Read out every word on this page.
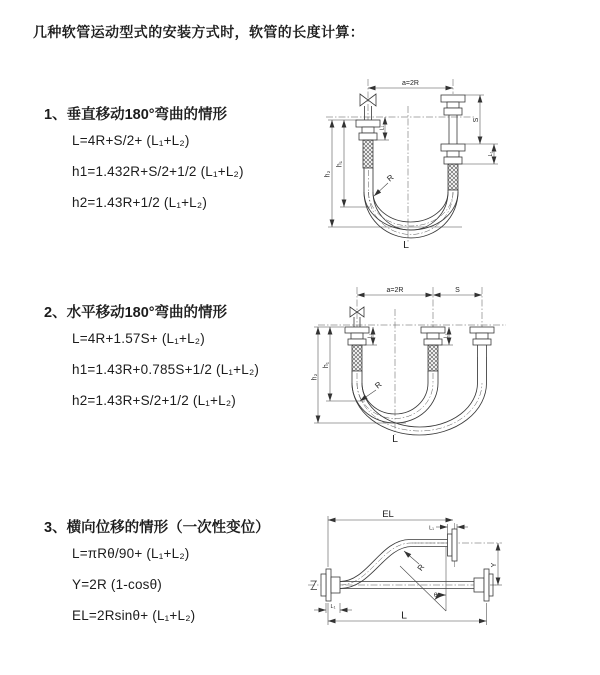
几种软管运动型式的安装方式时，软管的长度计算：
1、垂直移动180°弯曲的情形
L=4R+S/2+ (L₁+L₂)
h1=1.432R+S/2+1/2 (L₁+L₂)
h2=1.43R+1/2 (L₁+L₂)
2、水平移动180°弯曲的情形
L=4R+1.57S+ (L₁+L₂)
h1=1.43R+0.785S+1/2 (L₁+L₂)
h2=1.43R+S/2+1/2 (L₁+L₂)
3、横向位移的情形（一次性变位）
L=πRθ/90+ (L₁+L₂)
Y=2R (1-cosθ)
EL=2Rsinθ+ (L₁+L₂)
a=2R
L₁
S
L₁
h₁
h₂	R
L
a=2R	S
L₁	L₁
h₁
h₂
R
L
θ
EL
L₁
Y
L
L₁
R
